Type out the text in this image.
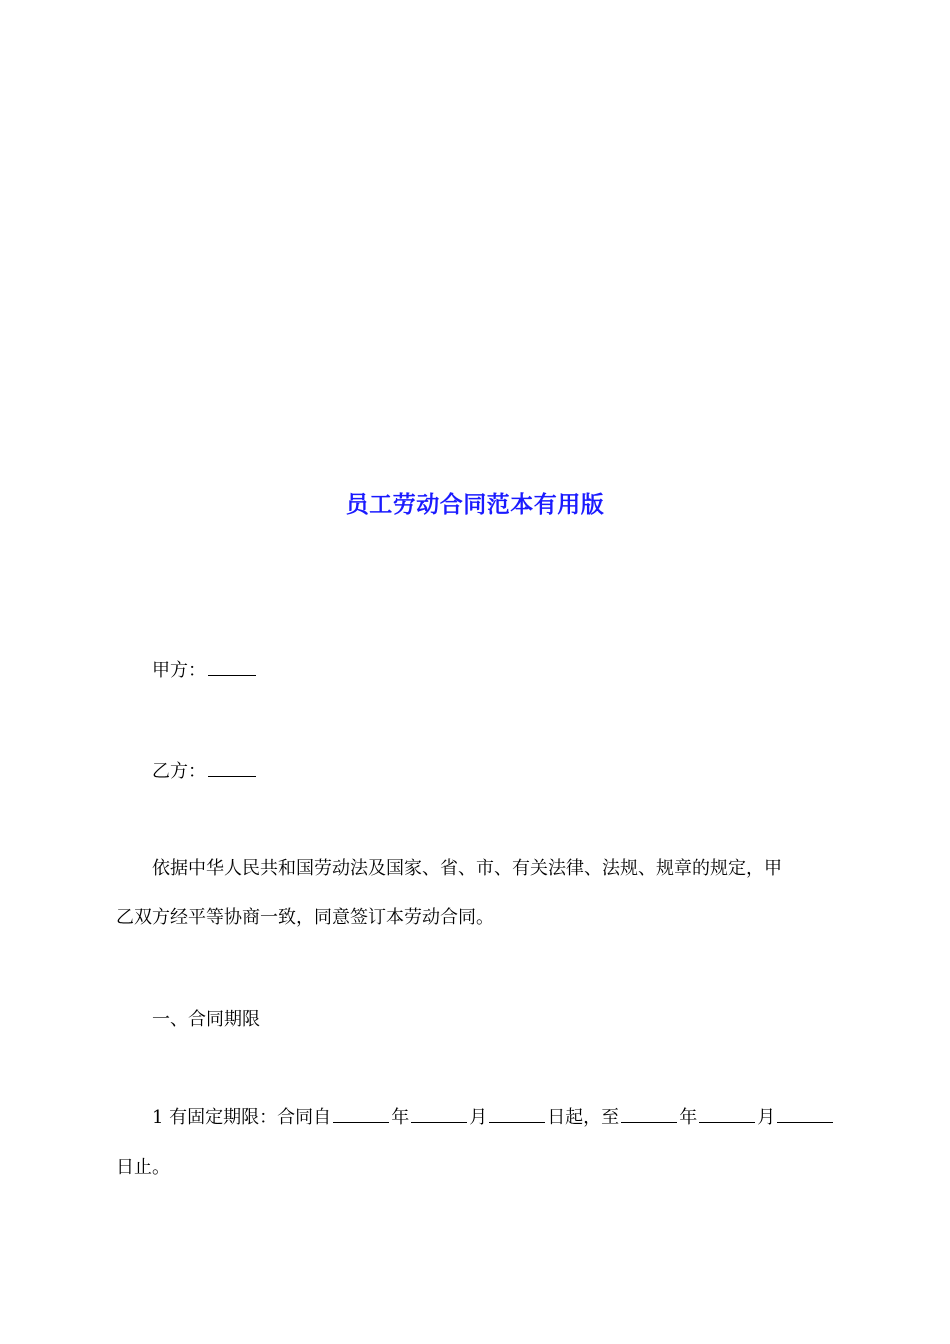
员工劳动合同范本有用版
甲方：
乙方：
依据中华人民共和国劳动法及国家、省、市、有关法律、法规、规章的规定，甲
乙双方经平等协商一致，同意签订本劳动合同。
一、合同期限
1 有固定期限：合同自	年	月	日起，至	年	月
日止。
